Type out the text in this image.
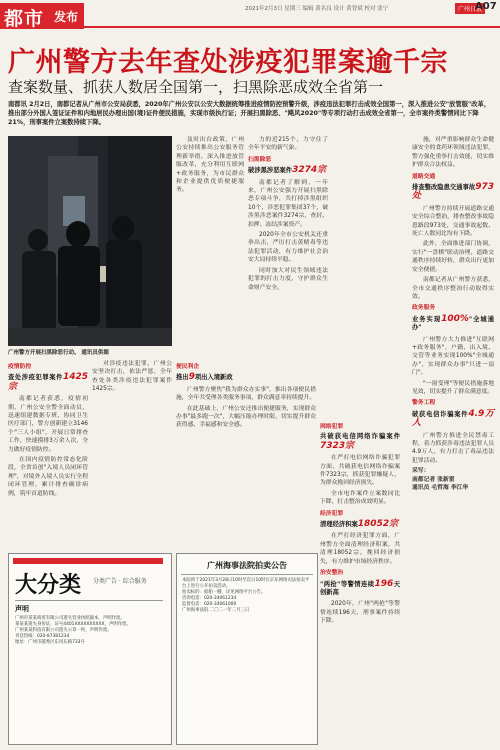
都市 发布
2021年2月3日 星期三 编辑 黄名良 设计 黄智斌 校对 张宁	广州日报
A07
广州警方去年查处涉疫犯罪案逾千宗
查案数量、抓获人数居全国第一，扫黑除恶成效全省第一
南都讯 2月2日，南都记者从广州市公安局获悉，2020年广州公安以公安大数据统筹推进疫情防控预警升级，涉疫违法犯罪打击成效全国第一，深入推进公安"放管服"改革，推出部分外国人签证证件和内地居民办理出国(境)证件便民措施，实现市级执行证；开展扫黑除恶、"飓风2020"等专项行动打击成效全省第一，全市案件类警情同比下降21%，刑事案件立案数持续下降。
广州警方开展扫黑除恶行动。 通讯员供图
疫情防控
查处涉疫犯罪案件1425宗

南都记者获悉，疫情初期，广州公安全警全面动员，迅速组建数据专班，协同卫生医疗部门，警方创新建立3146个"三人小组"，开展日常排查工作，快速摸排3万余人次，全力做好疫情防控。

在国内疫情防控常态化阶段，全省首创"入境人员闭环管理"，对境外入境人员实行全程闭环管理，累计排查确诊病例，筑牢首道防线。

对涉疫违法犯罪，广州公安坚决打击，依法严惩，全年查处各类涉疫违法犯罪案件1425宗。

及时出台政策，广州公安持续推出公安服务管理新举措，深入推进放管服改革，充分利用互联网+政务服务，为市民群众和企业提供优质便捷服务。

便民利企
推出9项出入境新政

广州警方聚焦"我为群众办实事"，推出各项便民措施，全年共受理各类服务事项，群众满意率持续提升。

在此基础上，广州公安还推出便捷服务，实现群众办事"最多跑一次"，大幅压缩办理时限，切实提升群众获得感、幸福感和安全感。

力的近215个，力守住了全年平安的新气象。

扫黑除恶
破涉黑涉恶案件3274宗

南都记者了解到，一年来，广州公安强力开展扫黑除恶专项斗争，共打掉涉黑组织10个，涉恶犯罪集团37个，破涉黑涉恶案件3274宗，查封、扣押、冻结涉案资产。

2020年全市公安机关还重拳出击，严厉打击黄赌毒等违法犯罪活动，有力维护社会治安大局持续平稳。

同时加大对民生领域违法犯罪的打击力度，守护群众生命财产安全。

网络犯罪
共破获电信网络诈骗案件7323宗

在严打电信网络诈骗犯罪方面，共破获电信网络诈骗案件7323宗，抓获犯罪嫌疑人，为群众挽回经济损失。

全市电诈案件立案数同比下降，打击整治成效明显。

经济犯罪
清理经济积案18052宗

在严打经济犯罪方面，广州警方全面清理经济积案，共清理18052宗，挽回经济损失，有力维护市场经济秩序。

治安整治
"两抢"等警情连续196天创新高

2020年，广州"两抢"等警情连续196天，刑事案件持续下降。

施，对严重影响群众生命健康安全的食药环领域违法犯罪，警方强化重拳打击效能，切实维护群众合法权益。

道路交通
排查整改隐患交通事故973处

广州警方持续开展道路交通安全综合整治，排查整改事故隐患路段973处，交通事故起数、死亡人数同比均有下降。

此外，全面推进部门协调，实行"一盘棋"联动治理，道路交通秩序持续好转，群众出行更加安全便捷。

南都记者从广州警方获悉，全市交通秩序整治行动取得实效。

政务服务
业务实现100%"全城通办"

广州警方大力推进"互联网+政务服务"，户籍、出入境、交管等业务实现100%"全城通办"，实现群众办事"只进一扇门"。

"一窗受理"等便民措施落地见效，切实提升了群众满意度。

警务工程
破获电信诈骗案件4.9万人

广州警方推进全民禁毒工程，着力抓获涉毒违法犯罪人员4.9万人，有力打击了毒品违法犯罪活动。

采写：
南都记者 张新雷
通讯员 毛哲海 李江华
大分类 分类广告 · 综合服务
声明
广州市某某商贸有限公司遗失营业执照副本，声明作废。
某某某遗失身份证，证号4401XXXXXXXXXX，声明作废。
广州某某科技有限公司遗失公章一枚，声明作废。
刊登热线：020-87381234
地址：广州市越秀区东风东路733号
广州海事法院拍卖公告
本院将于2021年3月28日10时至次日10时在京东网络司法拍卖平台上进行公开拍卖活动。
拍卖标的：船舶一艘，详见网络平台公告。
咨询电话：020-34061234
监督电话：020-34061000
广州海事法院 二〇二一年二月三日
